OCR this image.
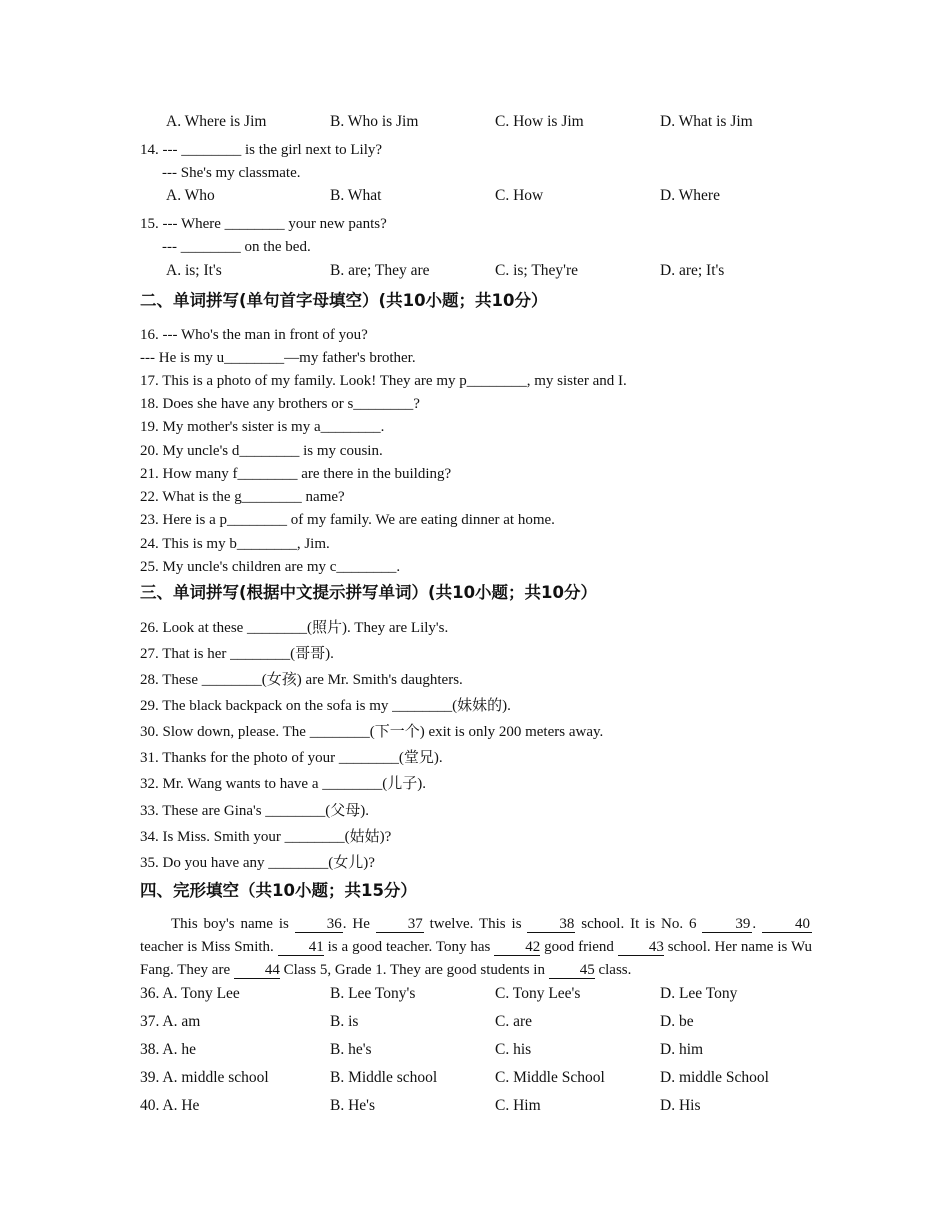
A. Where is Jim	B. Who is Jim	C. How is Jim	D. What is Jim
14. --- ________ is the girl next to Lily?
--- She's my classmate.
A. Who	B. What	C. How	D. Where
15. --- Where ________ your new pants?
--- ________ on the bed.
A. is; It's	B. are; They are	C. is; They're	D. are; It's
二、单词拼写(单句首字母填空）(共10小题；共10分）
16. --- Who's the man in front of you?
--- He is my u________—my father's brother.
17. This is a photo of my family. Look! They are my p________, my sister and I.
18. Does she have any brothers or s________?
19. My mother's sister is my a________.
20. My uncle's d________ is my cousin.
21. How many f________ are there in the building?
22. What is the g________ name?
23. Here is a p________ of my family. We are eating dinner at home.
24. This is my b________, Jim.
25. My uncle's children are my c________.
三、单词拼写(根据中文提示拼写单词）(共10小题；共10分）
26. Look at these ________(照片). They are Lily's.
27. That is her ________(哥哥).
28. These ________(女孩) are Mr. Smith's daughters.
29. The black backpack on the sofa is my ________(妹妹的).
30. Slow down, please. The ________(下一个) exit is only 200 meters away.
31. Thanks for the photo of your ________(堂兄).
32. Mr. Wang wants to have a ________(儿子).
33. These are Gina's ________(父母).
34. Is Miss. Smith your ________(姑姑)?
35. Do you have any ________(女儿)?
四、完形填空（共10小题；共15分）

This boy's name is 36. He 37 twelve. This is 38 school. It is No. 6 39 . 40 teacher is Miss Smith. 41 is a good teacher. Tony has 42 good friend 43 school. Her name is Wu Fang. They are 44 Class 5, Grade 1. They are good students in 45 class.

36. A. Tony Lee	B. Lee Tony's	C. Tony Lee's	D. Lee Tony
37. A. am	B. is	C. are	D. be
38. A. he	B. he's	C. his	D. him
39. A. middle school	B. Middle school	C. Middle School	D. middle School
40. A. He	B. He's	C. Him	D. His
